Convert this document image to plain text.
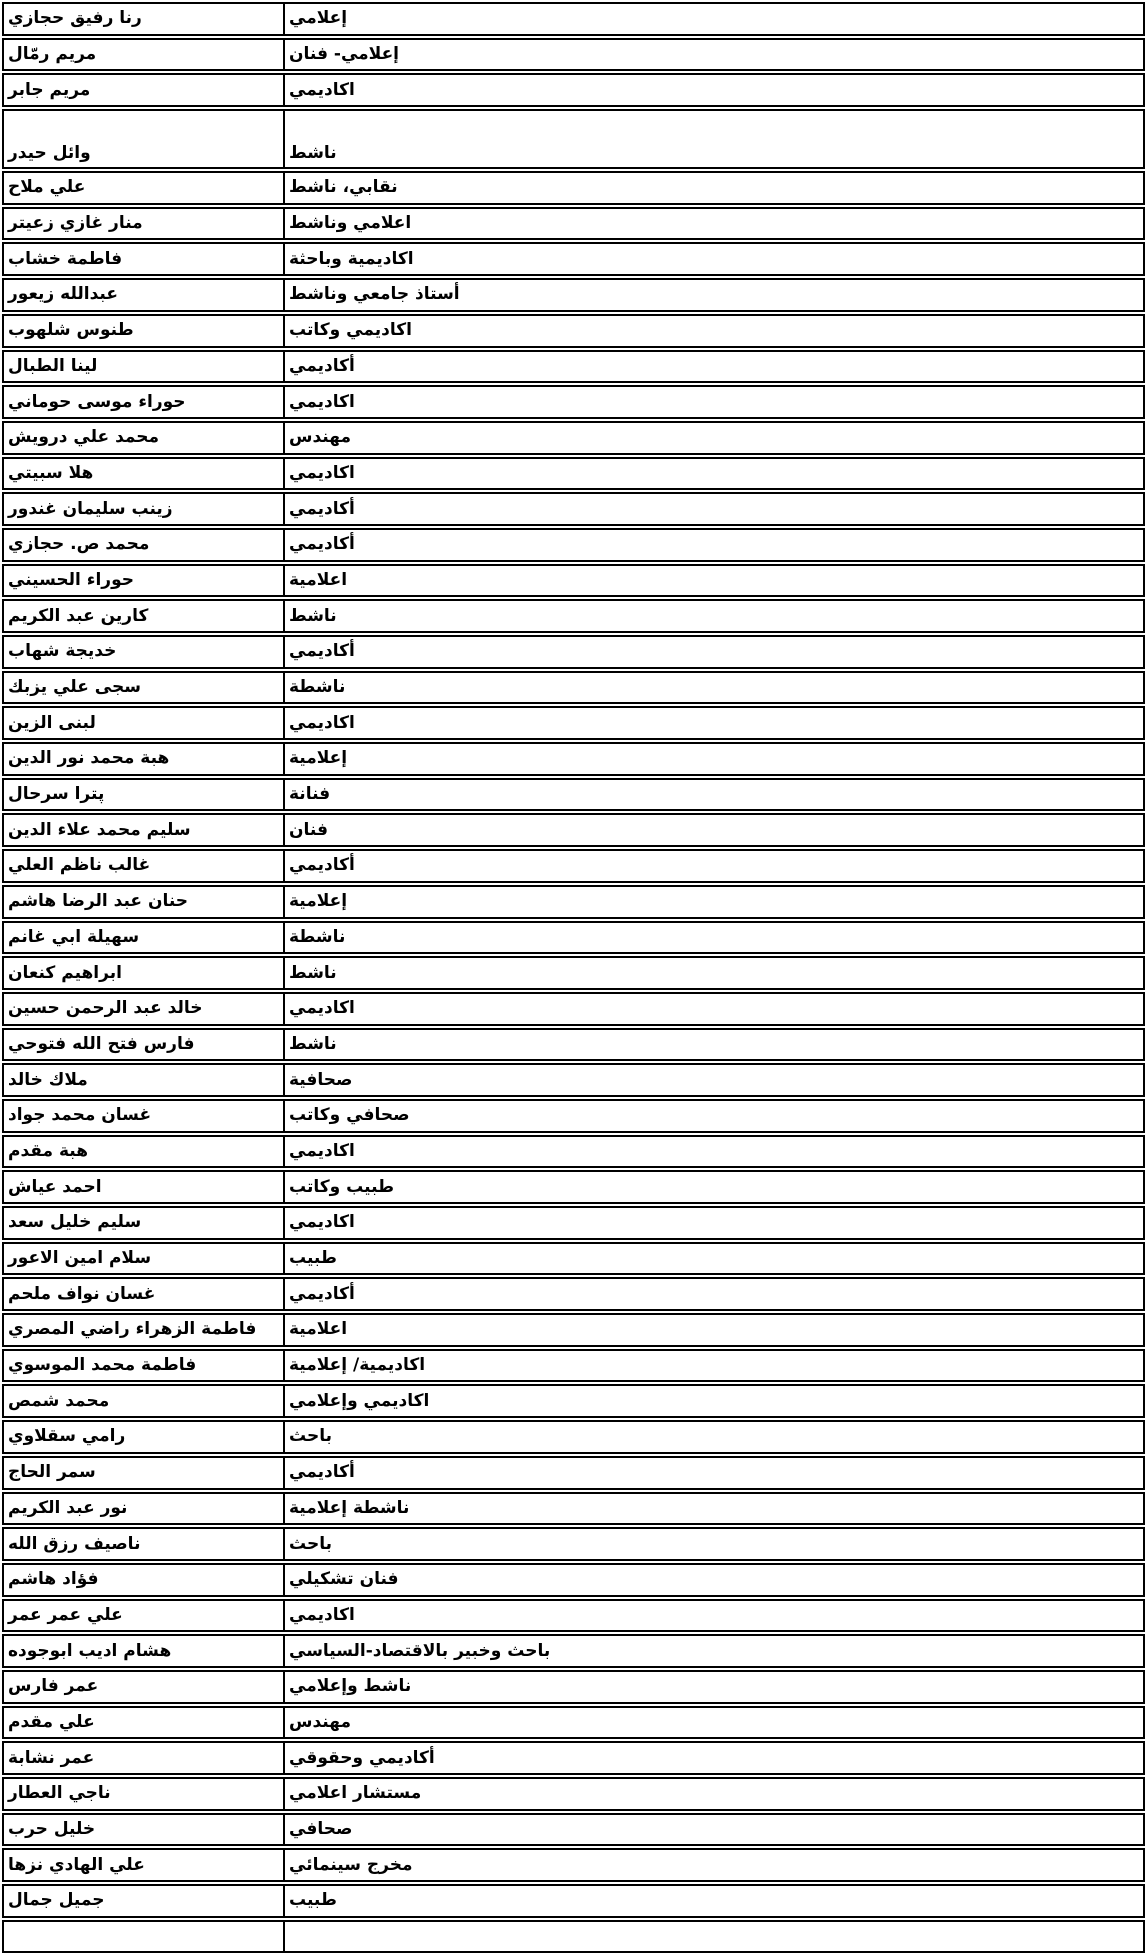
رنا رفيق حجازي	إعلامي
مريم رمّال	إعلامي- فنان
مريم جابر	اكاديمي
وائل حيدر	ناشط
علي ملاح	نقابي، ناشط
منار غازي زعيتر	اعلامي وناشط
فاطمة خشاب	اكاديمية وباحثة
عبدالله زيعور	أستاذ جامعي وناشط
طنوس شلهوب	اكاديمي وكاتب
لينا الطبال	أكاديمي
حوراء موسى حوماني	اكاديمي
محمد علي درويش	مهندس
هلا سبيتي	اكاديمي
زينب سليمان غندور	أكاديمي
محمد ص. حجازي	أكاديمي
حوراء الحسيني	اعلامية
كارين عبد الكريم	ناشط
خديجة شهاب	أكاديمي
سجى علي يزبك	ناشطة
لبنى الزين	اكاديمي
هبة محمد نور الدين	إعلامية
پترا سرحال	فنانة
سليم محمد علاء الدين	فنان
غالب ناظم العلي	أكاديمي
حنان عبد الرضا هاشم	إعلامية
سهيلة ابي غانم	ناشطة
ابراهيم كنعان	ناشط
خالد عبد الرحمن حسين	اكاديمي
فارس فتح الله فتوحي	ناشط
ملاك خالد	صحافية
غسان محمد جواد	صحافي وكاتب
هبة مقدم	اكاديمي
احمد عياش	طبيب وكاتب
سليم خليل سعد	اكاديمي
سلام امين الاعور	طبيب
غسان نواف ملحم	أكاديمي
فاطمة الزهراء راضي المصري	اعلامية
فاطمة محمد الموسوي	اكاديمية/ إعلامية
محمد شمص	اكاديمي وإعلامي
رامي سقلاوي	باحث
سمر الحاج	أكاديمي
نور عبد الكريم	ناشطة إعلامية
ناصيف رزق الله	باحث
فؤاد هاشم	فنان تشكيلي
علي عمر عمر	اكاديمي
هشام اديب ابوجوده	باحث وخبير بالاقتصاد-السياسي
عمر فارس	ناشط وإعلامي
علي مقدم	مهندس
عمر نشابة	أكاديمي وحقوقي
ناجي العطار	مستشار اعلامي
خليل حرب	صحافي
علي الهادي نزها	مخرج سينمائي
جميل جمال	طبيب
